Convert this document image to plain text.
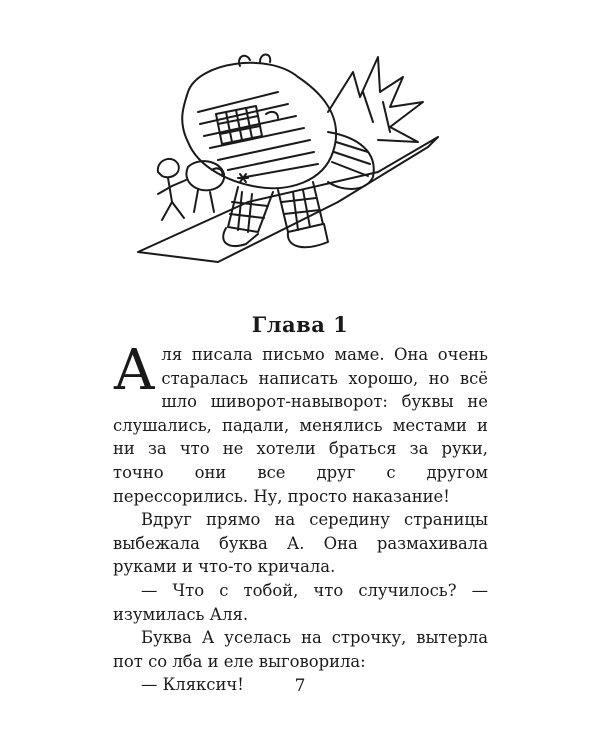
Глава 1

Аля писала письмо маме. Она очень старалась написать хорошо, но всё шло шиворот-навыворот: буквы не слушались, падали, менялись местами и ни за что не хотели браться за руки, точно они все друг с другом перессорились. Ну, просто наказание!

Вдруг прямо на середину страницы выбежала буква А. Она размахивала руками и что-то кричала.

— Что с тобой, что случилось? — изумилась Аля.

Буква А уселась на строчку, вытерла пот со лба и еле выговорила:

— Кляксич!	7
